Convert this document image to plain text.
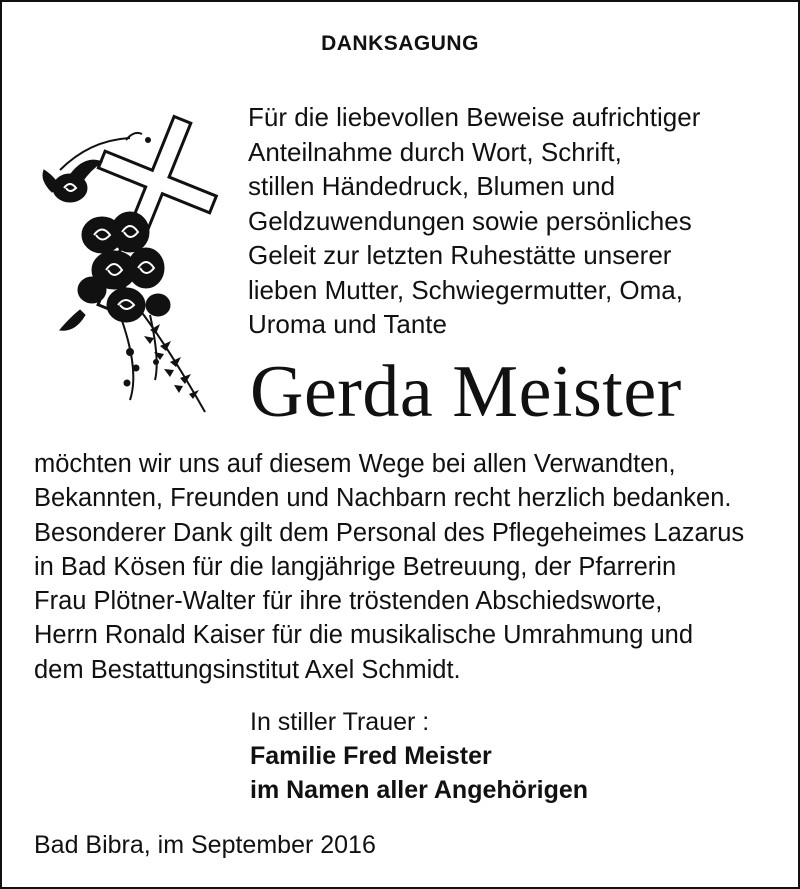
DANKSAGUNG
Für die liebevollen Beweise aufrichtiger
Anteilnahme durch Wort, Schrift,
stillen Händedruck, Blumen und
Geldzuwendungen sowie persönliches
Geleit zur letzten Ruhestätte unserer
lieben Mutter, Schwiegermutter, Oma,
Uroma und Tante
Gerda Meister
möchten wir uns auf diesem Wege bei allen Verwandten,
Bekannten, Freunden und Nachbarn recht herzlich bedanken.
Besonderer Dank gilt dem Personal des Pflegeheimes Lazarus
in Bad Kösen für die langjährige Betreuung, der Pfarrerin
Frau Plötner-Walter für ihre tröstenden Abschiedsworte,
Herrn Ronald Kaiser für die musikalische Umrahmung und
dem Bestattungsinstitut Axel Schmidt.
In stiller Trauer :
Familie Fred Meister
im Namen aller Angehörigen
Bad Bibra, im September 2016
